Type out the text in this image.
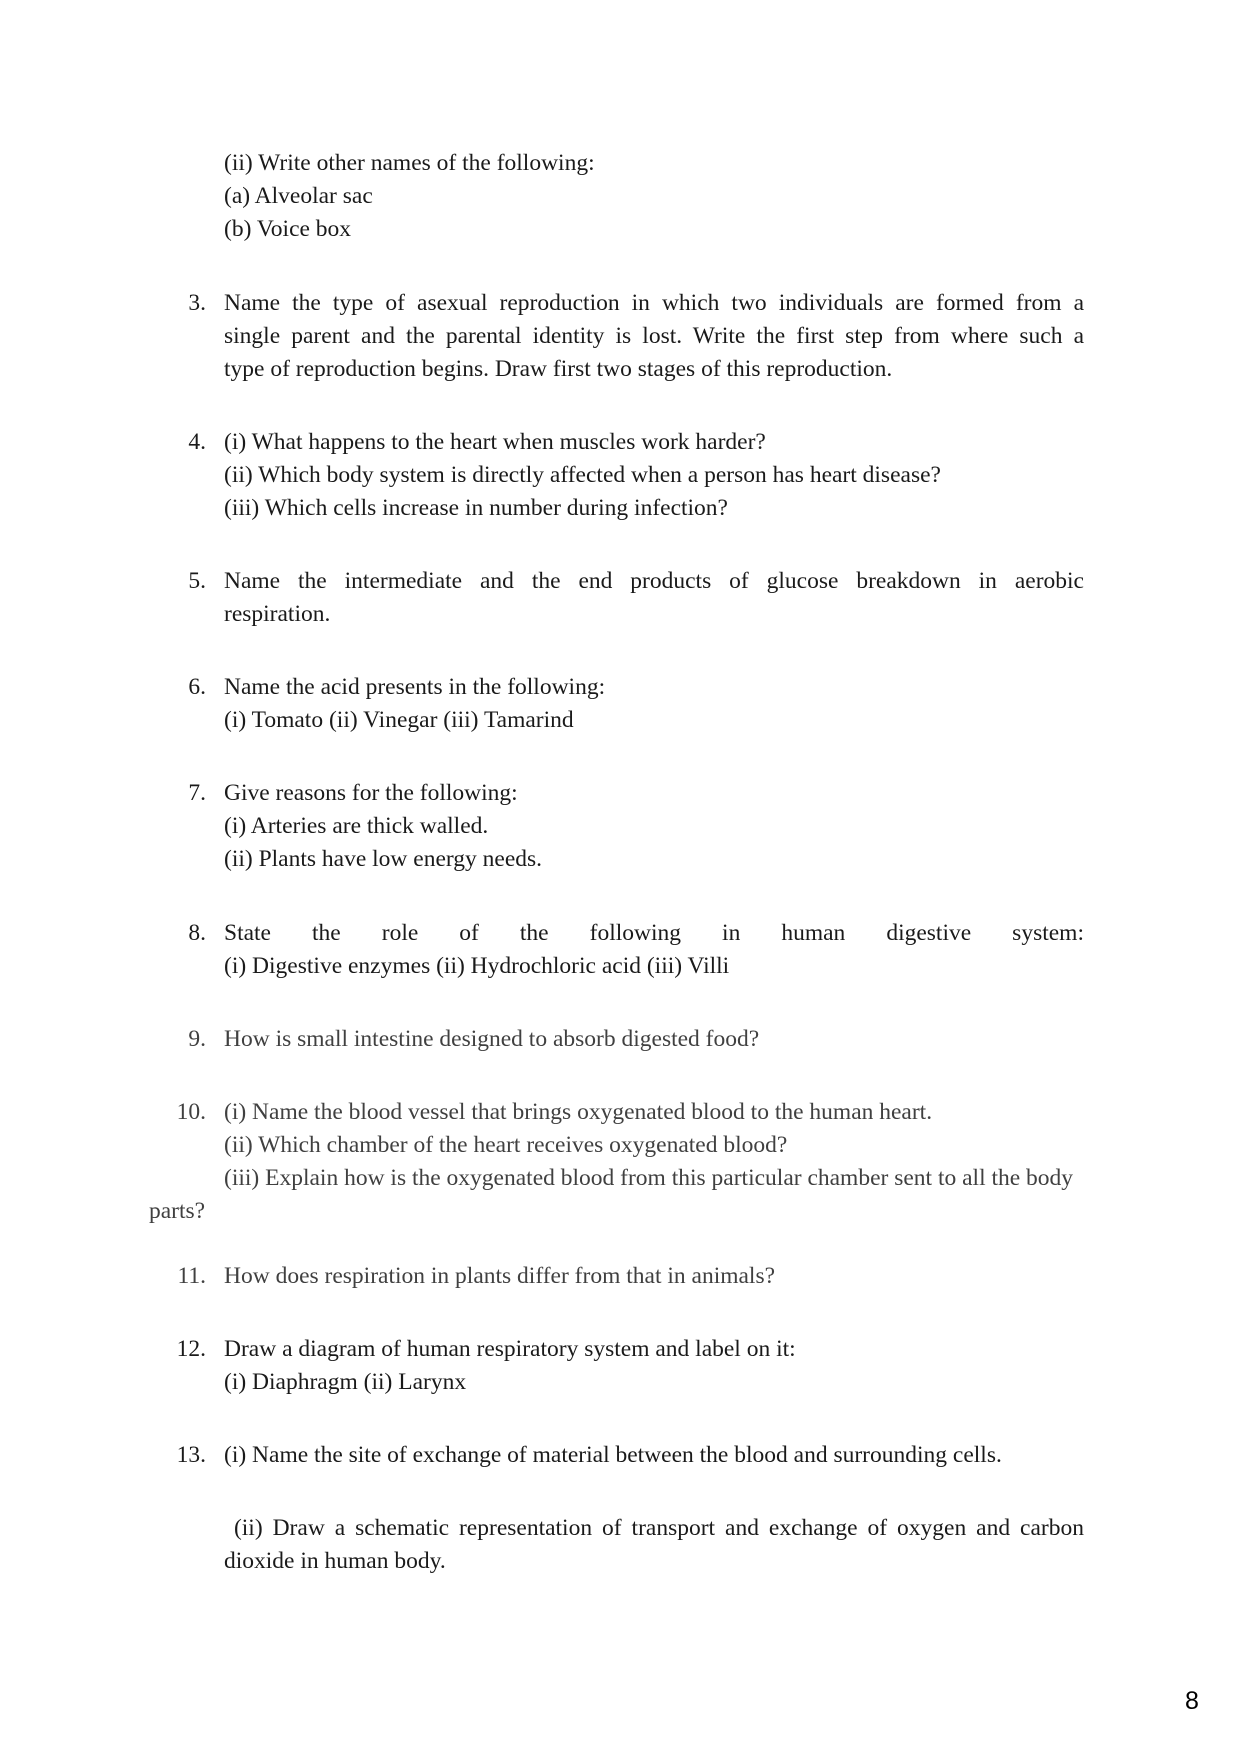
(ii) Write other names of the following:
(a) Alveolar sac
(b) Voice box
3. Name the type of asexual reproduction in which two individuals are formed from a
single parent and the parental identity is lost. Write the first step from where such a
type of reproduction begins. Draw first two stages of this reproduction.
4. (i) What happens to the heart when muscles work harder?
(ii) Which body system is directly affected when a person has heart disease?
(iii) Which cells increase in number during infection?
5. Name the intermediate and the end products of glucose breakdown in aerobic
respiration.
6. Name the acid presents in the following:
(i) Tomato (ii) Vinegar (iii) Tamarind
7. Give reasons for the following:
(i) Arteries are thick walled.
(ii) Plants have low energy needs.
8. State the role of the following in human digestive system:
(i) Digestive enzymes (ii) Hydrochloric acid (iii) Villi
9. How is small intestine designed to absorb digested food?
10. (i) Name the blood vessel that brings oxygenated blood to the human heart.
(ii) Which chamber of the heart receives oxygenated blood?
(iii) Explain how is the oxygenated blood from this particular chamber sent to all the body
parts?
11. How does respiration in plants differ from that in animals?
12. Draw a diagram of human respiratory system and label on it:
(i) Diaphragm (ii) Larynx
13. (i) Name the site of exchange of material between the blood and surrounding cells.
(ii) Draw a schematic representation of transport and exchange of oxygen and carbon
dioxide in human body.
8
